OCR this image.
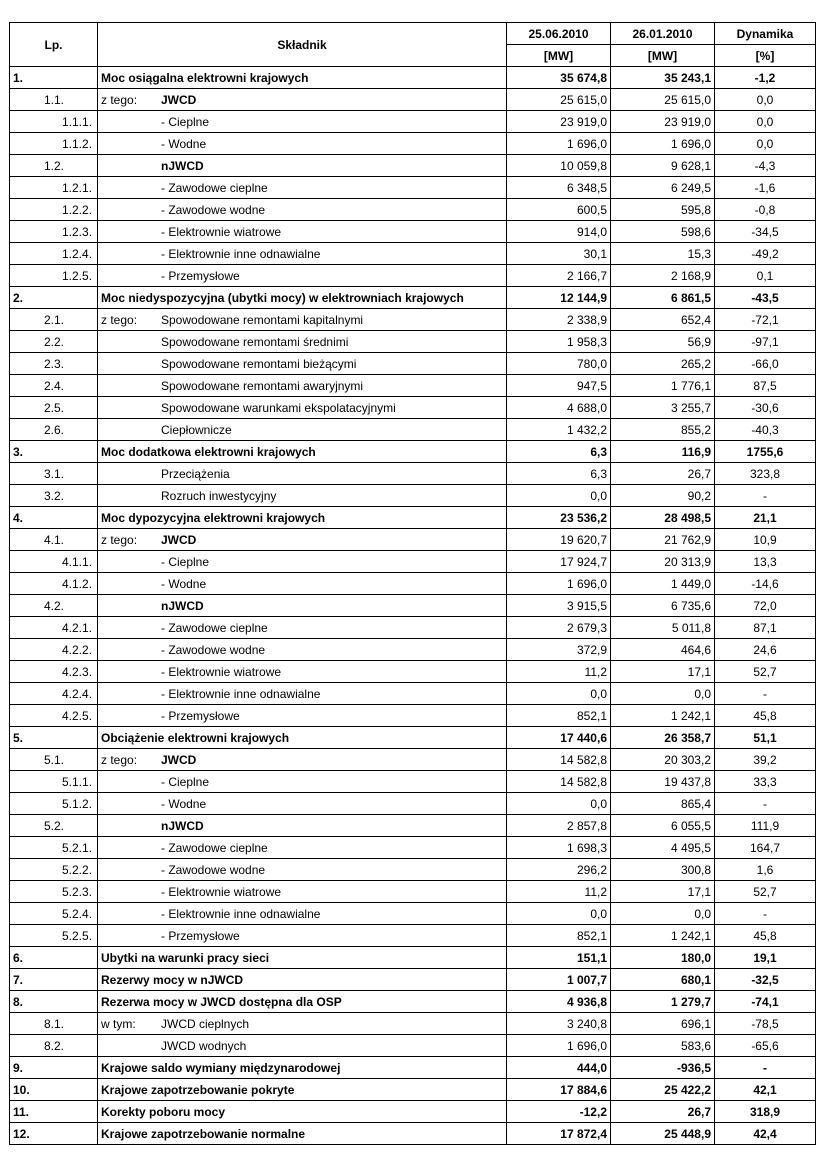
Lp.	Składnik	25.06.2010	26.01.2010	Dynamika
		[MW]	[MW]	[%]
1.	Moc osiągalna elektrowni krajowych	35 674,8	35 243,1	-1,2
1.1.	z tego: JWCD	25 615,0	25 615,0	0,0
1.1.1.	- Cieplne	23 919,0	23 919,0	0,0
1.1.2.	- Wodne	1 696,0	1 696,0	0,0
1.2.	nJWCD	10 059,8	9 628,1	-4,3
1.2.1.	- Zawodowe cieplne	6 348,5	6 249,5	-1,6
1.2.2.	- Zawodowe wodne	600,5	595,8	-0,8
1.2.3.	- Elektrownie wiatrowe	914,0	598,6	-34,5
1.2.4.	- Elektrownie inne odnawialne	30,1	15,3	-49,2
1.2.5.	- Przemysłowe	2 166,7	2 168,9	0,1
2.	Moc niedyspozycyjna (ubytki mocy) w elektrowniach krajowych	12 144,9	6 861,5	-43,5
2.1.	z tego: Spowodowane remontami kapitalnymi	2 338,9	652,4	-72,1
2.2.	Spowodowane remontami średnimi	1 958,3	56,9	-97,1
2.3.	Spowodowane remontami bieżącymi	780,0	265,2	-66,0
2.4.	Spowodowane remontami awaryjnymi	947,5	1 776,1	87,5
2.5.	Spowodowane warunkami ekspolatacyjnymi	4 688,0	3 255,7	-30,6
2.6.	Ciepłownicze	1 432,2	855,2	-40,3
3.	Moc dodatkowa elektrowni krajowych	6,3	116,9	1755,6
3.1.	Przeciążenia	6,3	26,7	323,8
3.2.	Rozruch inwestycyjny	0,0	90,2	-
4.	Moc dypozycyjna elektrowni krajowych	23 536,2	28 498,5	21,1
4.1.	z tego: JWCD	19 620,7	21 762,9	10,9
4.1.1.	- Cieplne	17 924,7	20 313,9	13,3
4.1.2.	- Wodne	1 696,0	1 449,0	-14,6
4.2.	nJWCD	3 915,5	6 735,6	72,0
4.2.1.	- Zawodowe cieplne	2 679,3	5 011,8	87,1
4.2.2.	- Zawodowe wodne	372,9	464,6	24,6
4.2.3.	- Elektrownie wiatrowe	11,2	17,1	52,7
4.2.4.	- Elektrownie inne odnawialne	0,0	0,0	-
4.2.5.	- Przemysłowe	852,1	1 242,1	45,8
5.	Obciążenie elektrowni krajowych	17 440,6	26 358,7	51,1
5.1.	z tego: JWCD	14 582,8	20 303,2	39,2
5.1.1.	- Cieplne	14 582,8	19 437,8	33,3
5.1.2.	- Wodne	0,0	865,4	-
5.2.	nJWCD	2 857,8	6 055,5	111,9
5.2.1.	- Zawodowe cieplne	1 698,3	4 495,5	164,7
5.2.2.	- Zawodowe wodne	296,2	300,8	1,6
5.2.3.	- Elektrownie wiatrowe	11,2	17,1	52,7
5.2.4.	- Elektrownie inne odnawialne	0,0	0,0	-
5.2.5.	- Przemysłowe	852,1	1 242,1	45,8
6.	Ubytki na warunki pracy sieci	151,1	180,0	19,1
7.	Rezerwy mocy w nJWCD	1 007,7	680,1	-32,5
8.	Rezerwa mocy w JWCD dostępna dla OSP	4 936,8	1 279,7	-74,1
8.1.	w tym: JWCD cieplnych	3 240,8	696,1	-78,5
8.2.	JWCD wodnych	1 696,0	583,6	-65,6
9.	Krajowe saldo wymiany międzynarodowej	444,0	-936,5	-
10.	Krajowe zapotrzebowanie pokryte	17 884,6	25 422,2	42,1
11.	Korekty poboru mocy	-12,2	26,7	318,9
12.	Krajowe zapotrzebowanie normalne	17 872,4	25 448,9	42,4
